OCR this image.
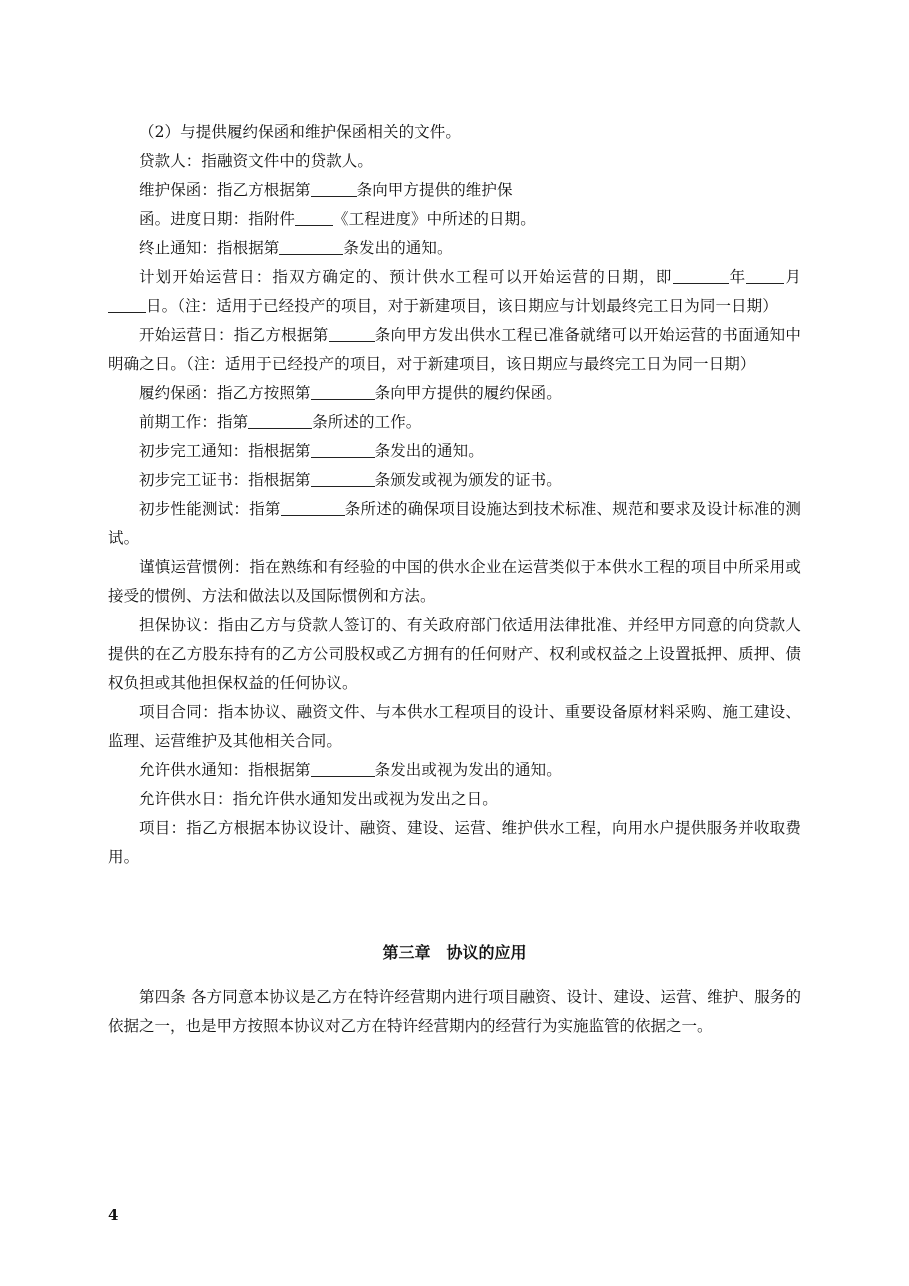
（2）与提供履约保函和维护保函相关的文件。

贷款人：指融资文件中的贷款人。

维护保函：指乙方根据第	条向甲方提供的维护保

函。进度日期：指附件 《工程进度》中所述的日期。

终止通知：指根据第	条发出的通知。

计划开始运营日：指双方确定的、预计供水工程可以开始运营的日期，即	年 月日。（注：适用于已经投产的项目，对于新建项目，该日期应与计划最终完工日为同一日期）

开始运营日：指乙方根据第	条向甲方发出供水工程已准备就绪可以开始运营的书面通知中明确之日。（注：适用于已经投产的项目，对于新建项目，该日期应与最终完工日为同一日期）

履约保函：指乙方按照第	条向甲方提供的履约保函。

前期工作：指第	条所述的工作。

初步完工通知：指根据第	条发出的通知。

初步完工证书：指根据第	条颁发或视为颁发的证书。

初步性能测试：指第	条所述的确保项目设施达到技术标准、规范和要求及设计标准的测试。

谨慎运营惯例：指在熟练和有经验的中国的供水企业在运营类似于本供水工程的项目中所采用或接受的惯例、方法和做法以及国际惯例和方法。

担保协议：指由乙方与贷款人签订的、有关政府部门依适用法律批准、并经甲方同意的向贷款人提供的在乙方股东持有的乙方公司股权或乙方拥有的任何财产、权利或权益之上设置抵押、质押、债权负担或其他担保权益的任何协议。

项目合同：指本协议、融资文件、与本供水工程项目的设计、重要设备原材料采购、施工建设、监理、运营维护及其他相关合同。

允许供水通知：指根据第	条发出或视为发出的通知。

允许供水日：指允许供水通知发出或视为发出之日。

项目：指乙方根据本协议设计、融资、建设、运营、维护供水工程，向用水户提供服务并收取费用。

第三章 协议的应用

第四条 各方同意本协议是乙方在特许经营期内进行项目融资、设计、建设、运营、维护、服务的依据之一，也是甲方按照本协议对乙方在特许经营期内的经营行为实施监管的依据之一。

4
